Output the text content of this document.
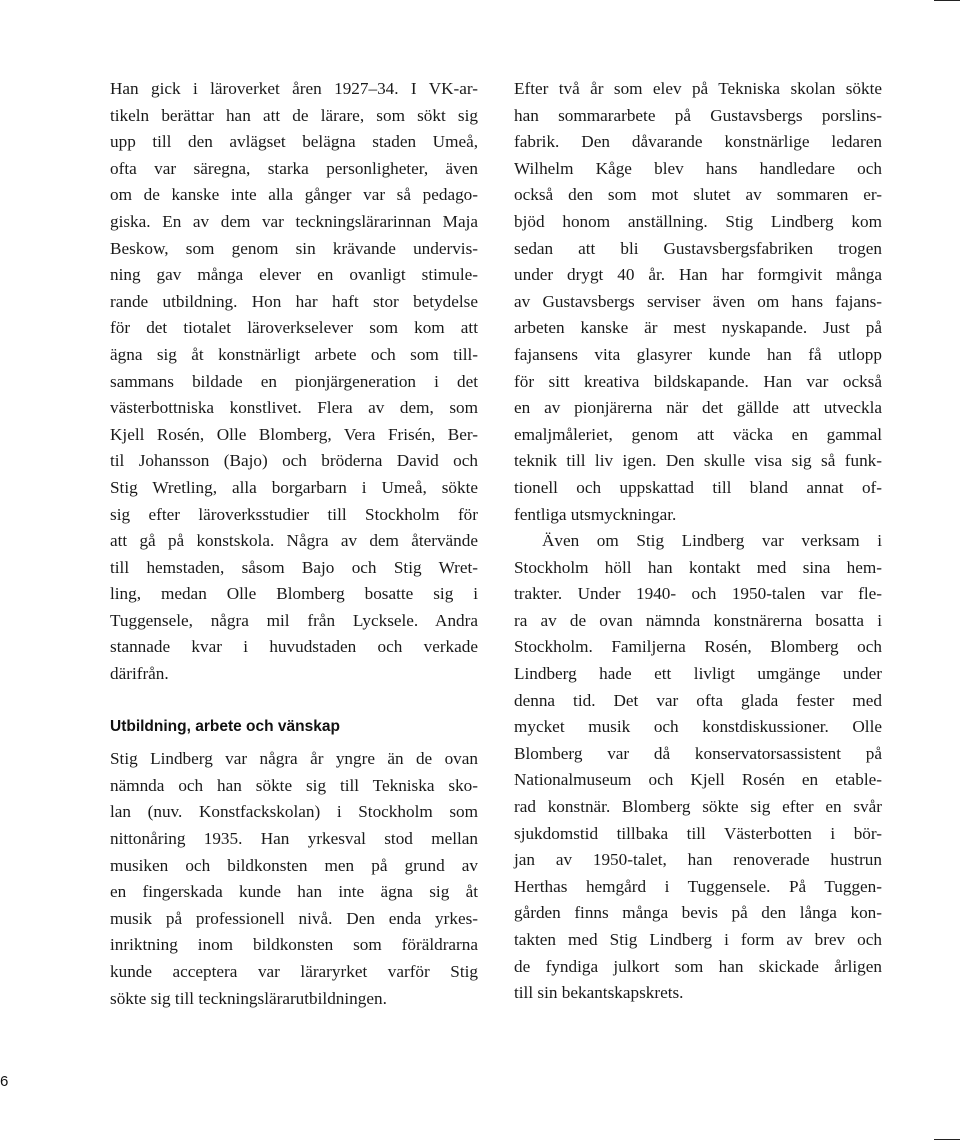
Han gick i läroverket åren 1927–34. I VK-ar-
tikeln berättar han att de lärare, som sökt sig
upp till den avlägset belägna staden Umeå,
ofta var säregna, starka personligheter, även
om de kanske inte alla gånger var så pedago-
giska. En av dem var teckningslärarinnan Maja
Beskow, som genom sin krävande undervis-
ning gav många elever en ovanligt stimule-
rande utbildning. Hon har haft stor betydelse
för det tiotalet läroverkselever som kom att
ägna sig åt konstnärligt arbete och som till-
sammans bildade en pionjärgeneration i det
västerbottniska konstlivet. Flera av dem, som
Kjell Rosén, Olle Blomberg, Vera Frisén, Ber-
til Johansson (Bajo) och bröderna David och
Stig Wretling, alla borgarbarn i Umeå, sökte
sig efter läroverksstudier till Stockholm för
att gå på konstskola. Några av dem återvände
till hemstaden, såsom Bajo och Stig Wret-
ling, medan Olle Blomberg bosatte sig i
Tuggensele, några mil från Lycksele. Andra
stannade kvar i huvudstaden och verkade
därifrån.
Utbildning, arbete och vänskap
Stig Lindberg var några år yngre än de ovan
nämnda och han sökte sig till Tekniska sko-
lan (nuv. Konstfackskolan) i Stockholm som
nittonåring 1935. Han yrkesval stod mellan
musiken och bildkonsten men på grund av
en fingerskada kunde han inte ägna sig åt
musik på professionell nivå. Den enda yrkes-
inriktning inom bildkonsten som föräldrarna
kunde acceptera var läraryrket varför Stig
sökte sig till teckningslärarutbildningen.
Efter två år som elev på Tekniska skolan sökte
han sommararbete på Gustavsbergs porslins-
fabrik. Den dåvarande konstnärlige ledaren
Wilhelm Kåge blev hans handledare och
också den som mot slutet av sommaren er-
bjöd honom anställning. Stig Lindberg kom
sedan att bli Gustavsbergsfabriken trogen
under drygt 40 år. Han har formgivit många
av Gustavsbergs serviser även om hans fajans-
arbeten kanske är mest nyskapande. Just på
fajansens vita glasyrer kunde han få utlopp
för sitt kreativa bildskapande. Han var också
en av pionjärerna när det gällde att utveckla
emaljmåleriet, genom att väcka en gammal
teknik till liv igen. Den skulle visa sig så funk-
tionell och uppskattad till bland annat of-
fentliga utsmyckningar.
Även om Stig Lindberg var verksam i
Stockholm höll han kontakt med sina hem-
trakter. Under 1940- och 1950-talen var fle-
ra av de ovan nämnda konstnärerna bosatta i
Stockholm. Familjerna Rosén, Blomberg och
Lindberg hade ett livligt umgänge under
denna tid. Det var ofta glada fester med
mycket musik och konstdiskussioner. Olle
Blomberg var då konservatorsassistent på
Nationalmuseum och Kjell Rosén en etable-
rad konstnär. Blomberg sökte sig efter en svår
sjukdomstid tillbaka till Västerbotten i bör-
jan av 1950-talet, han renoverade hustrun
Herthas hemgård i Tuggensele. På Tuggen-
gården finns många bevis på den långa kon-
takten med Stig Lindberg i form av brev och
de fyndiga julkort som han skickade årligen
till sin bekantskapskrets.
6
